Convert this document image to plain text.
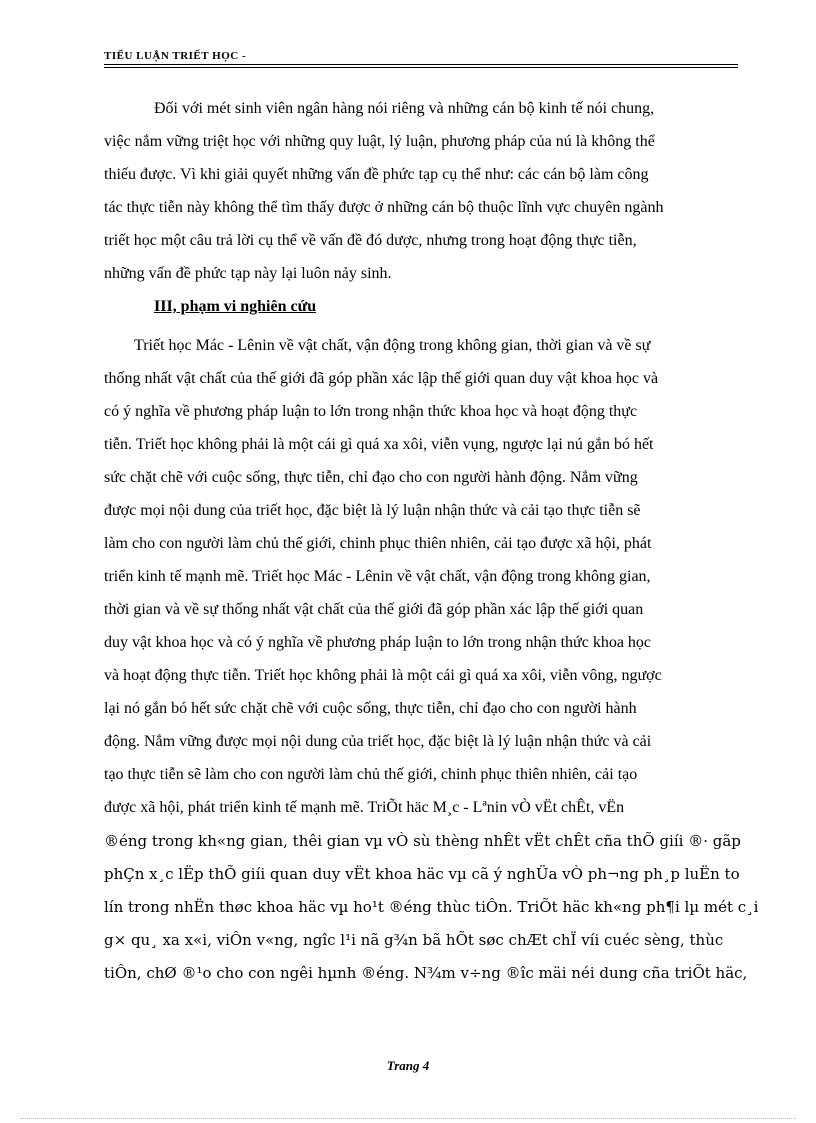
TIỂU LUẬN TRIẾT HỌC -
Đối với mét sinh viên ngân hàng nói riêng và những cán bộ kinh tế nói chung,
việc nắm vững triệt học với những quy luật, lý luận, phương pháp của nú là không thể
thiếu được. Vì khi giải quyết những vấn đề phức tạp cụ thể như: các cán bộ làm công
tác thực tiễn này không thể tìm thấy được ở những cán bộ thuộc lĩnh vực chuyên ngành
triết học một câu trả lời cụ thể về vấn đề đó dược, nhưng trong hoạt động thực tiễn,
những vấn đề phức tạp này lại luôn nảy sinh.
III, phạm vi nghiên cứu
Triết học Mác - Lênin về vật chất, vận động trong không gian, thời gian và về sự
thống nhất vật chất của thế giới đã góp phần xác lập thế giới quan duy vật khoa học và
có ý nghĩa về phương pháp luận to lớn trong nhận thức khoa học và hoạt động thực
tiễn. Triết học không phải là một cái gì quá xa xôi, viễn vụng, ngược lại nú gắn bó hết
sức chặt chẽ với cuộc sống, thực tiễn, chỉ đạo cho con người hành động. Nắm vững
được mọi nội dung của triết học, đặc biệt là lý luận nhận thức và cải tạo thực tiễn sẽ
làm cho con người làm chủ thế giới, chinh phục thiên nhiên, cải tạo được xã hội, phát
triển kinh tế mạnh mẽ. Triết học Mác - Lênin về vật chất, vận động trong không gian,
thời gian và về sự thống nhất vật chất của thế giới đã góp phần xác lập thế giới quan
duy vật khoa học và có ý nghĩa về phương pháp luận to lớn trong nhận thức khoa học
và hoạt động thực tiễn. Triết học không phải là một cái gì quá xa xôi, viễn vông, ngược
lại nó gắn bó hết sức chặt chẽ với cuộc sống, thực tiễn, chỉ đạo cho con người hành
động. Nắm vững được mọi nội dung của triết học, đặc biệt là lý luận nhận thức và cải
tạo thực tiễn sẽ làm cho con người làm chủ thế giới, chinh phục thiên nhiên, cải tạo
được xã hội, phát triển kinh tế mạnh mẽ. TriÕt häc M¸c - Lªnin vÒ vËt chÊt, vËn
®éng trong kh«ng gian, thêi gian vµ vÒ sù thèng nhÊt vËt chÊt cña thÕ giíi ®· gãp
phÇn x¸c lËp thÕ giíi quan duy vËt khoa häc vµ cã ý nghÜa vÒ ph¬ng ph¸p luËn to
lín trong nhËn thøc khoa häc vµ ho¹t ®éng thùc tiÔn. TriÕt häc kh«ng ph¶i lµ mét c¸i
g× qu¸ xa x«i, viÔn v«ng, ngîc l¹i nã g¾n bã hÕt søc chÆt chÏ víi cuéc sèng, thùc
tiÔn, chØ ®¹o cho con ngêi hµnh ®éng. N¾m v÷ng ®îc mäi néi dung cña triÕt häc,
Trang 4
